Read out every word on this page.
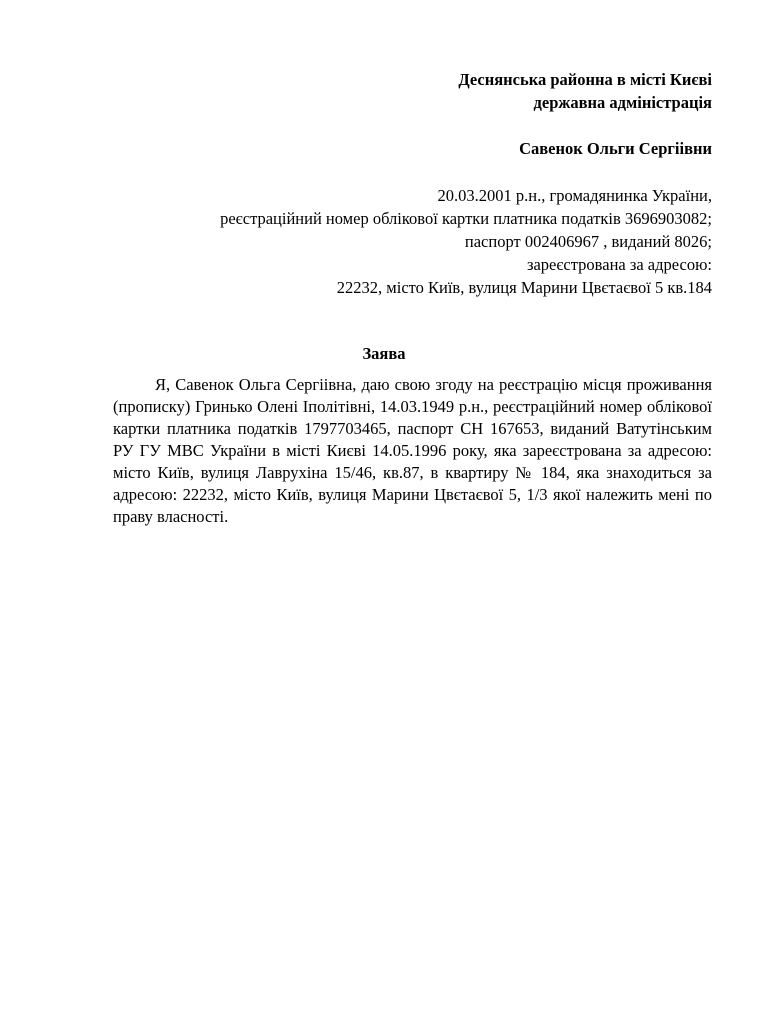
Деснянська районна в місті Києві
державна адміністрація
Савенок Ольги Сергіівни
20.03.2001 р.н., громадянинка України,
реєстраційний номер облікової картки платника податків 3696903082;
паспорт 002406967 , виданий 8026;
зареєстрована за адресою:
22232, місто Київ, вулиця Марини Цвєтаєвої 5 кв.184
Заява

Я, Савенок Ольга Сергіівна, даю свою згоду на реєстрацію місця проживання (прописку) Гринько Олені Іполітівні, 14.03.1949 р.н., реєстраційний номер облікової картки платника податків 1797703465, паспорт СН 167653, виданий Ватутінським РУ ГУ МВС України в місті Києві 14.05.1996 року, яка зареєстрована за адресою: місто Київ, вулиця Лаврухіна 15/46, кв.87, в квартиру № 184, яка знаходиться за адресою: 22232, місто Київ, вулиця Марини Цвєтаєвої 5, 1/3 якої належить мені по праву власності.
